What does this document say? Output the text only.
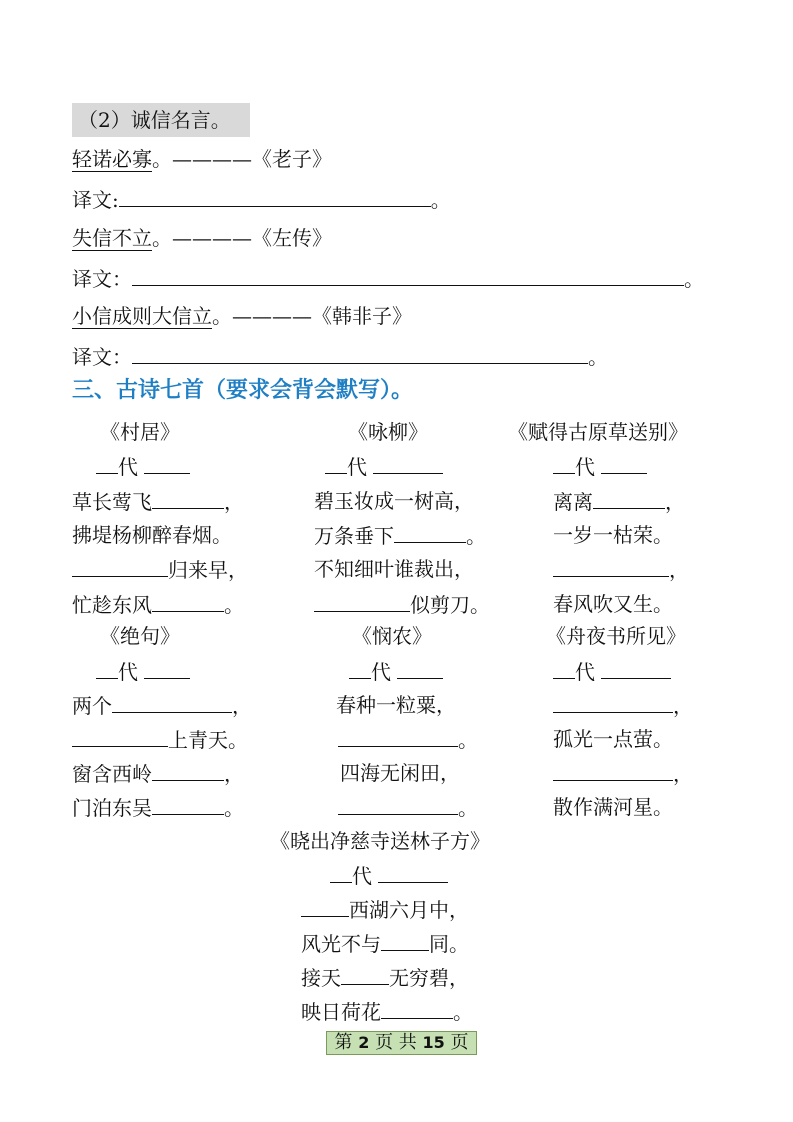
（2）诚信名言。
轻诺必寡。————《老子》
译文:	。
失信不立。————《左传》
译文：	。
小信成则大信立。————《韩非子》
译文：	。
三、古诗七首（要求会背会默写）。
《村居》
代
草长莺飞	，
拂堤杨柳醉春烟。
归来早，
忙趁东风	。
《咏柳》
代
碧玉妆成一树高，
万条垂下	。
不知细叶谁裁出，
似剪刀。
《赋得古原草送别》
代
离离	，
一岁一枯荣。
，
春风吹又生。
《绝句》
代
两个	，
上青天。
窗含西岭	，
门泊东吴	。
《悯农》
代
春种一粒粟，
。
四海无闲田，
。
《舟夜书所见》
代
，
孤光一点萤。
，
散作满河星。
《晓出净慈寺送林子方》
代
西湖六月中，
风光不与 同。
接天 无穷碧，
映日荷花	。
第 2 页 共 15 页
